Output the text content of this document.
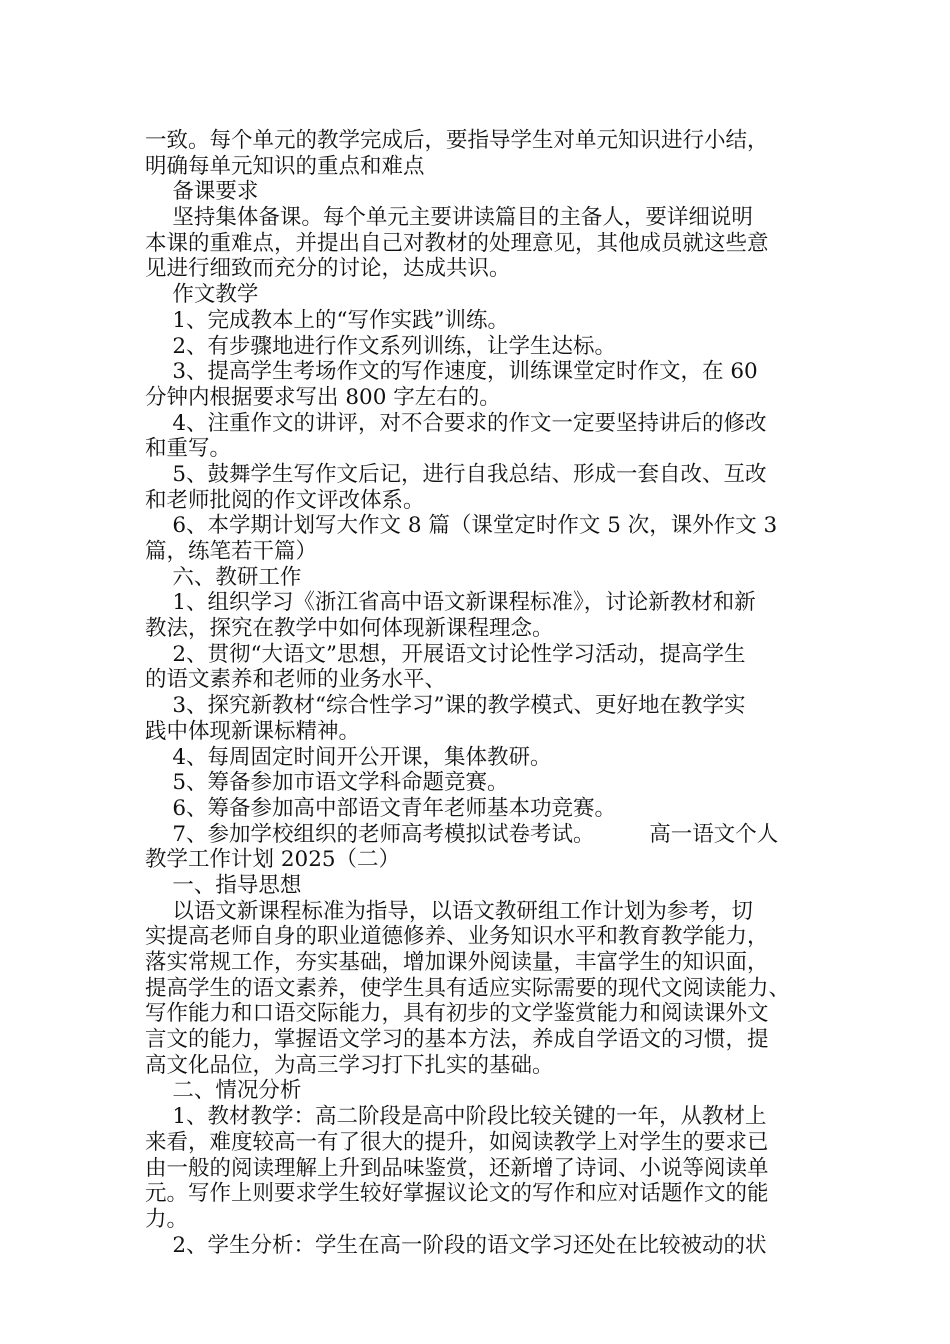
一致。每个单元的教学完成后，要指导学生对单元知识进行小结，
明确每单元知识的重点和难点
备课要求
坚持集体备课。每个单元主要讲读篇目的主备人，要详细说明
本课的重难点，并提出自己对教材的处理意见，其他成员就这些意
见进行细致而充分的讨论，达成共识。
作文教学
1、完成教本上的“写作实践”训练。
2、有步骤地进行作文系列训练，让学生达标。
3、提高学生考场作文的写作速度，训练课堂定时作文，在 60
分钟内根据要求写出 800 字左右的。
4、注重作文的讲评，对不合要求的作文一定要坚持讲后的修改
和重写。
5、鼓舞学生写作文后记，进行自我总结、形成一套自改、互改
和老师批阅的作文评改体系。
6、本学期计划写大作文 8 篇（课堂定时作文 5 次，课外作文 3
篇，练笔若干篇）
六、教研工作
1、组织学习《浙江省高中语文新课程标准》，讨论新教材和新
教法，探究在教学中如何体现新课程理念。
2、贯彻“大语文”思想，开展语文讨论性学习活动，提高学生
的语文素养和老师的业务水平、
3、探究新教材“综合性学习”课的教学模式、更好地在教学实
践中体现新课标精神。
4、每周固定时间开公开课，集体教研。
5、筹备参加市语文学科命题竞赛。
6、筹备参加高中部语文青年老师基本功竞赛。
7、参加学校组织的老师高考模拟试卷考试。        高一语文个人
教学工作计划 2025（二）
一、指导思想
以语文新课程标准为指导，以语文教研组工作计划为参考，切
实提高老师自身的职业道德修养、业务知识水平和教育教学能力，
落实常规工作，夯实基础，增加课外阅读量，丰富学生的知识面，
提高学生的语文素养，使学生具有适应实际需要的现代文阅读能力、
写作能力和口语交际能力，具有初步的文学鉴赏能力和阅读课外文
言文的能力，掌握语文学习的基本方法，养成自学语文的习惯，提
高文化品位，为高三学习打下扎实的基础。
二、情况分析
1、教材教学：高二阶段是高中阶段比较关键的一年，从教材上
来看，难度较高一有了很大的提升，如阅读教学上对学生的要求已
由一般的阅读理解上升到品味鉴赏，还新增了诗词、小说等阅读单
元。写作上则要求学生较好掌握议论文的写作和应对话题作文的能
力。
2、学生分析：学生在高一阶段的语文学习还处在比较被动的状
